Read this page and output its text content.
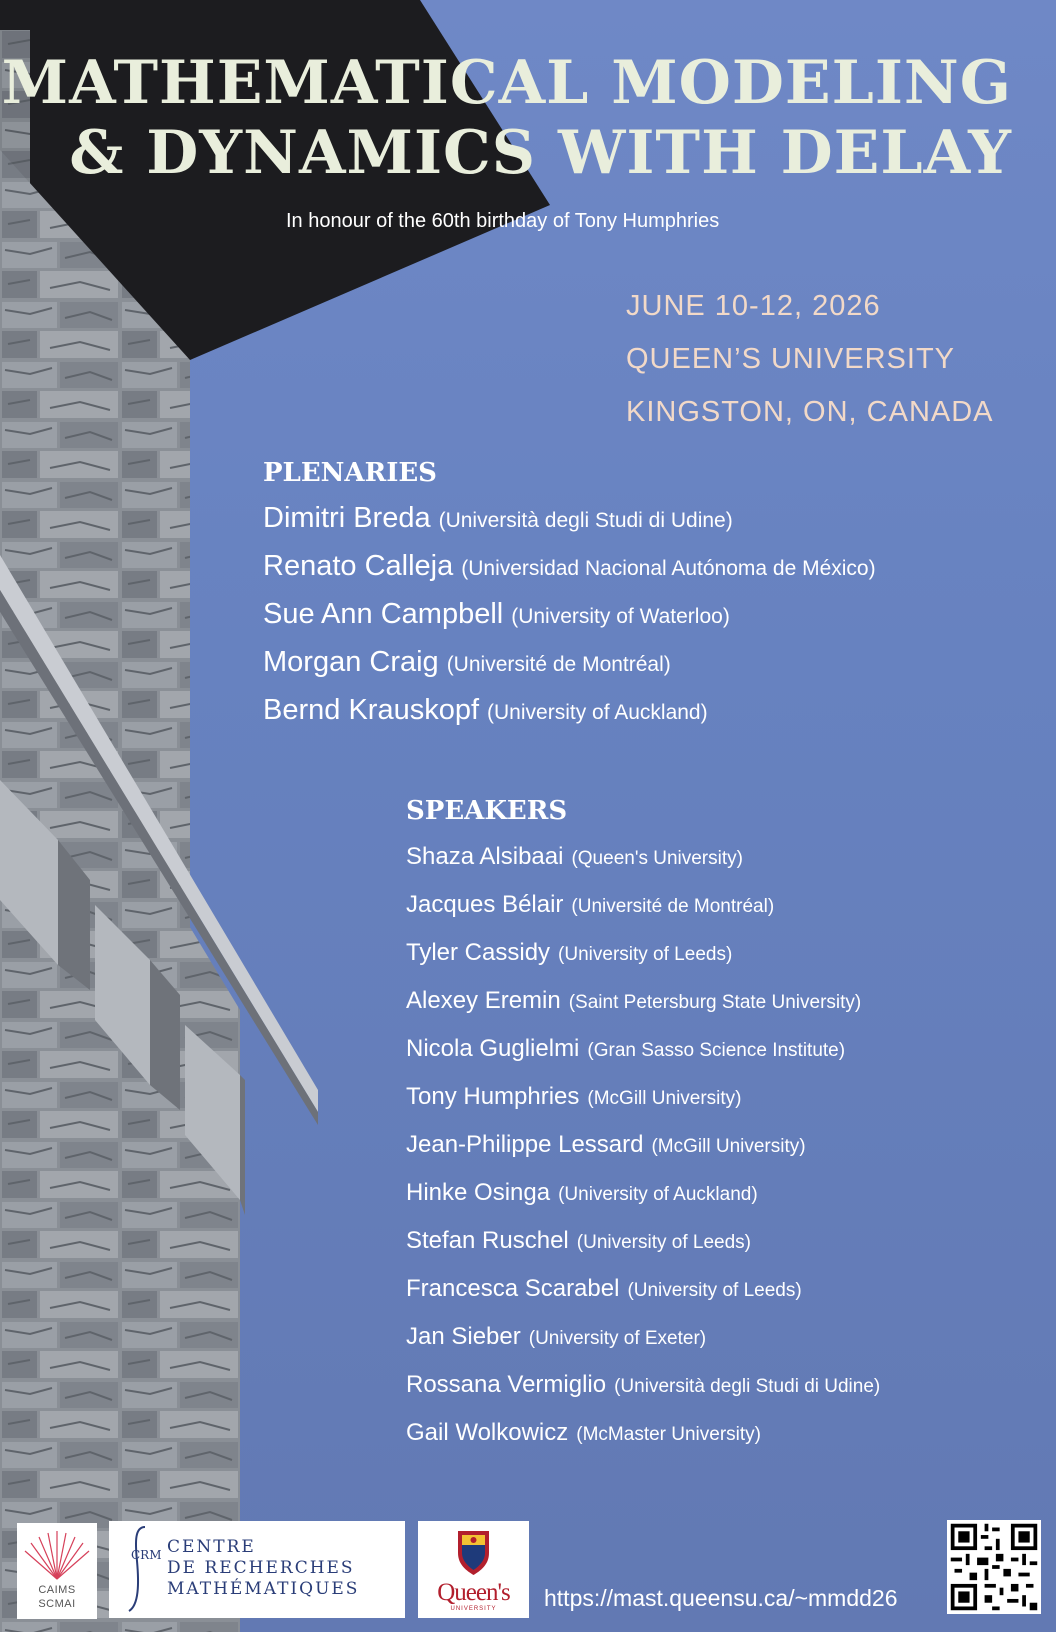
MATHEMATICAL MODELING
& DYNAMICS WITH DELAY
In honour of the 60th birthday of Tony Humphries
JUNE 10-12, 2026
QUEEN’S UNIVERSITY
KINGSTON, ON, CANADA
PLENARIES
Dimitri Breda (Università degli Studi di Udine)
Renato Calleja (Universidad Nacional Autónoma de México)
Sue Ann Campbell (University of Waterloo)
Morgan Craig (Université de Montréal)
Bernd Krauskopf (University of Auckland)
SPEAKERS
Shaza Alsibaai (Queen's University)
Jacques Bélair (Université de Montréal)
Tyler Cassidy (University of Leeds)
Alexey Eremin (Saint Petersburg State University)
Nicola Guglielmi (Gran Sasso Science Institute)
Tony Humphries (McGill University)
Jean-Philippe Lessard (McGill University)
Hinke Osinga (University of Auckland)
Stefan Ruschel (University of Leeds)
Francesca Scarabel (University of Leeds)
Jan Sieber (University of Exeter)
Rossana Vermiglio (Università degli Studi di Udine)
Gail Wolkowicz (McMaster University)
CAIMS
SCMAI
CRM CENTRE
DE RECHERCHES
MATHÉMATIQUES	Queen's
UNIVERSITY	https://mast.queensu.ca/~mmdd26
